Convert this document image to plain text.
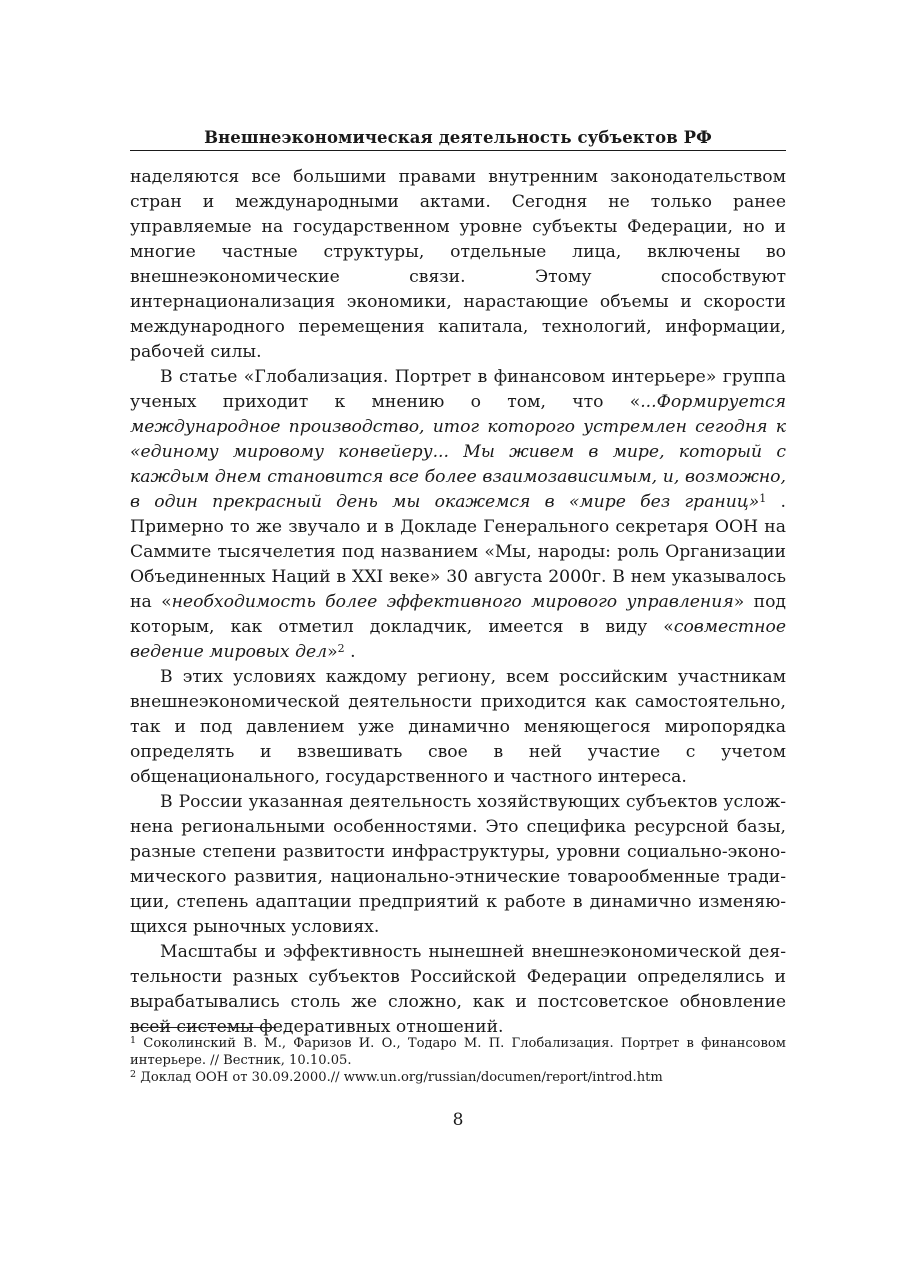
Внешнеэкономическая деятельность субъектов РФ

наделяются все большими правами внутренним законодательством стран и международными актами. Сегодня не только ранее управляемые на государственном уровне субъекты Федерации, но и многие частные структуры, отдельные лица, включены во внешнеэкономические связи. Этому способствуют интернационализация экономики, нарастающие объемы и скорости международного перемещения капитала, технологий, информации, рабочей силы.

В статье «Глобализация. Портрет в финансовом интерьере» группа ученых приходит к мнению о том, что «...Формируется международное производство, итог которого устремлен сегодня к «единому мировому конвейеру... Мы живем в мире, который с каждым днем становится все более взаимозависимым, и, возможно, в один прекрасный день мы окажемся в «мире без границ»$^1$ . Примерно то же звучало и в Докладе Генерального секретаря ООН на Саммите тысячелетия под названием «Мы, народы: роль Организации Объединенных Наций в XXI веке» 30 августа 2000г. В нем указывалось на «необходимость более эффективного мирового управления» под которым, как отметил докладчик, имеется в виду «совместное ведение мировых дел»$^2$ .

В этих условиях каждому региону, всем российским участникам внешнеэкономической деятельности приходится как самостоятельно, так и под давлением уже динамично меняющегося миропорядка определять и взвешивать свое в ней участие с учетом общенационального, государственного и частного интереса.

В России указанная деятельность хозяйствующих субъектов усложнена региональными особенностями. Это специфика ресурсной базы, разные степени развитости инфраструктуры, уровни социально-экономического развития, национально-этнические товарообменные традиции, степень адаптации предприятий к работе в динамично изменяющихся рыночных условиях.

Масштабы и эффективность нынешней внешнеэкономической деятельности разных субъектов Российской Федерации определялись и вырабатывались столь же сложно, как и постсоветское обновление всей системы федеративных отношений.

$^1$ Соколинский В. М., Фаризов И. О., Тодаро М. П. Глобализация. Портрет в финансовом интерьере. // Вестник, 10.10.05.

$^2$ Доклад ООН от 30.09.2000.// www.un.org/russian/documen/report/introd.htm

8
